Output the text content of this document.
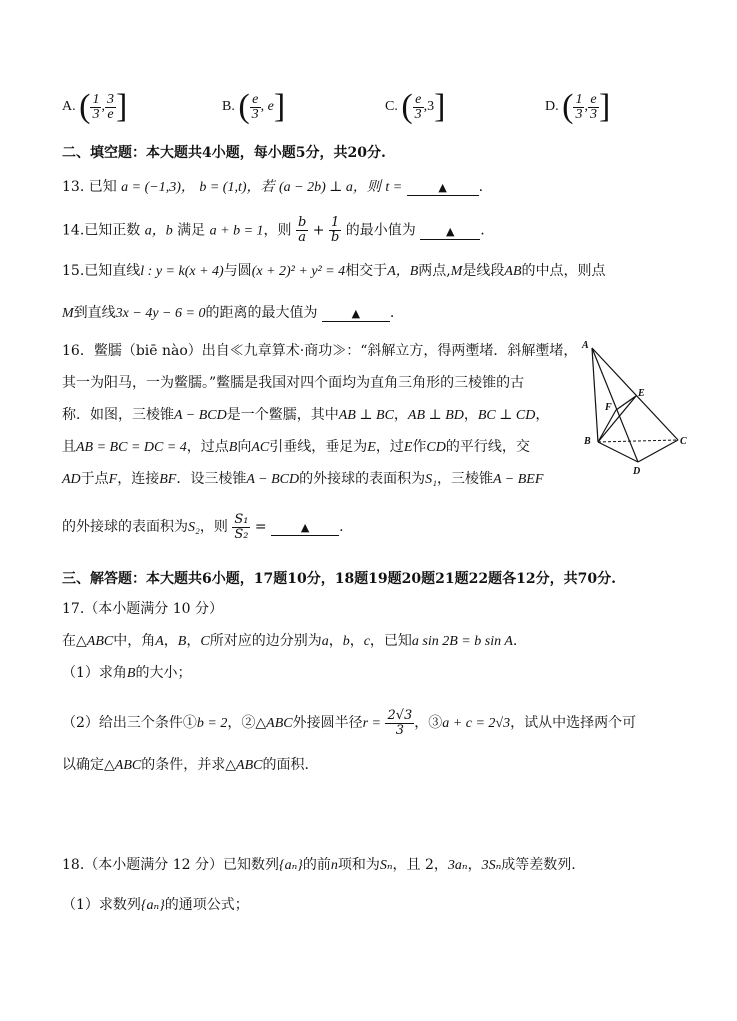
A. ( $\frac{1}{3}$ , $\frac{3}{e}$ ]	B. ( $\frac{e}{3}$ , e]	C. ( $\frac{e}{3} ,3$]	D. ( $\frac{1}{3}$ , $\frac{e}{3}$ ]
二、填空题：本大题共4小题，每小题5分，共20分.
13. 已知 a = (−1,3)， b = (1,t)，若 (a − 2b) ⊥ a，则 t =	▲ .
14.已知正数 a，b 满足 a + b = 1，则 $\frac{b}{a} + \frac{1}{b}$ 的最小值为	▲ .
15.已知直线l : y = k(x + 4)与圆(x + 2)² + y² = 4相交于A，B两点,M是线段AB的中点，则点
M到直线3x − 4y − 6 = 0的距离的最大值为	▲ .
16．鳖臑（biē nào）出自≪九章算术·商功≫：“斜解立方，得两壍堵．斜解壍堵，
其一为阳马，一为鳖臑。”鳖臑是我国对四个面均为直角三角形的三棱锥的古
称．如图，三棱锥A − BCD是一个鳖臑，其中AB ⊥ BC，AB ⊥ BD，BC ⊥ CD，
且AB = BC = DC = 4，过点B向AC引垂线，垂足为E，过E作CD的平行线，交
AD于点F，连接BF．设三棱锥A − BCD的外接球的表面积为S₁，三棱锥A − BEF
的外接球的表面积为S₂，则 $\frac{\text{S₁}}{\text{S₂}}$ =	▲ .
A
B	C
D
E
F
三、解答题：本大题共6小题，17题10分，18题19题20题21题22题各12分，共70分.
17.（本小题满分 10 分）
在△ABC中，角A，B，C所对应的边分别为a，b，c，已知a sin 2B = b sin A.
（1）求角B的大小；
（2）给出三个条件①b = 2，②△ABC外接圆半径$r = \frac{2√3}{3}$ ，③a + c = 2√3，试从中选择两个可
以确定△ABC的条件，并求△ABC的面积.
18.（本小题满分 12 分）已知数列{aₙ}的前n项和为Sₙ，且 2，3aₙ，3Sₙ成等差数列.
（1）求数列{aₙ}的通项公式；
